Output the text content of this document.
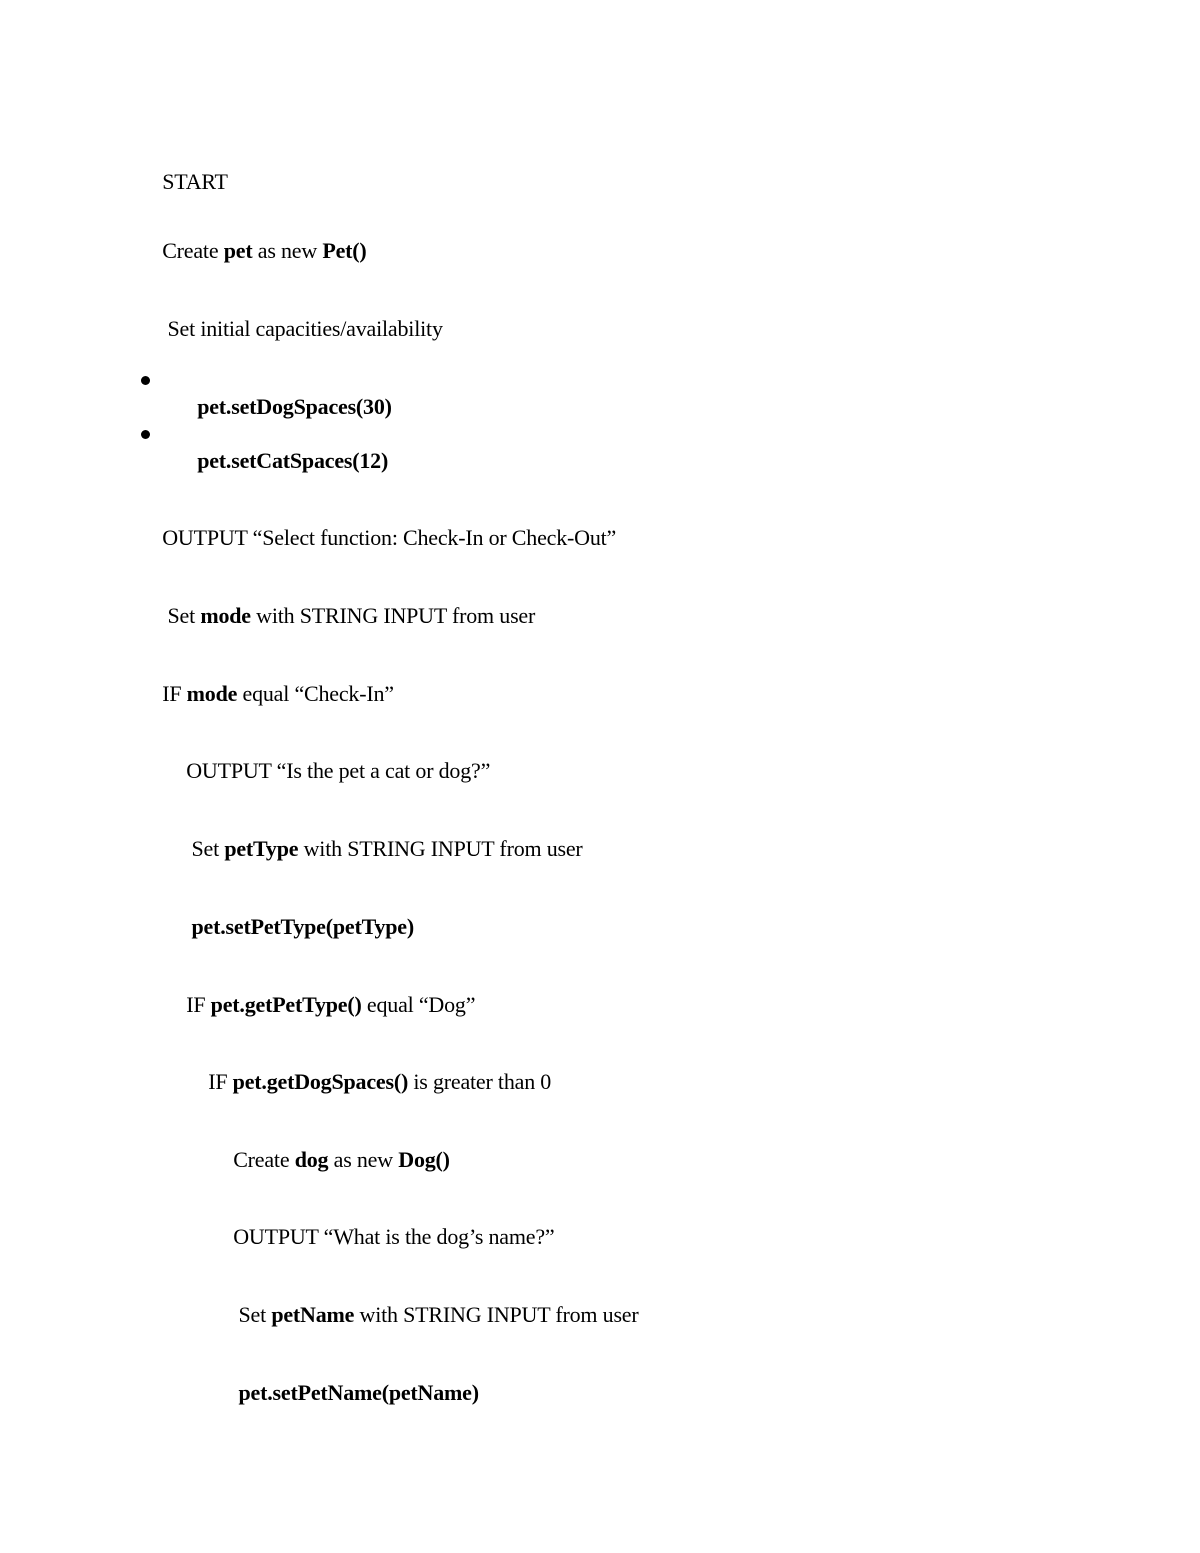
START

Create pet as new Pet()

Set initial capacities/availability

pet.setDogSpaces(30)

pet.setCatSpaces(12)

OUTPUT “Select function: Check-In or Check-Out”

Set mode with STRING INPUT from user

IF mode equal “Check-In”

OUTPUT “Is the pet a cat or dog?”

Set petType with STRING INPUT from user

pet.setPetType(petType)

IF pet.getPetType() equal “Dog”

IF pet.getDogSpaces() is greater than 0

Create dog as new Dog()

OUTPUT “What is the dog’s name?”

Set petName with STRING INPUT from user

pet.setPetName(petName)
